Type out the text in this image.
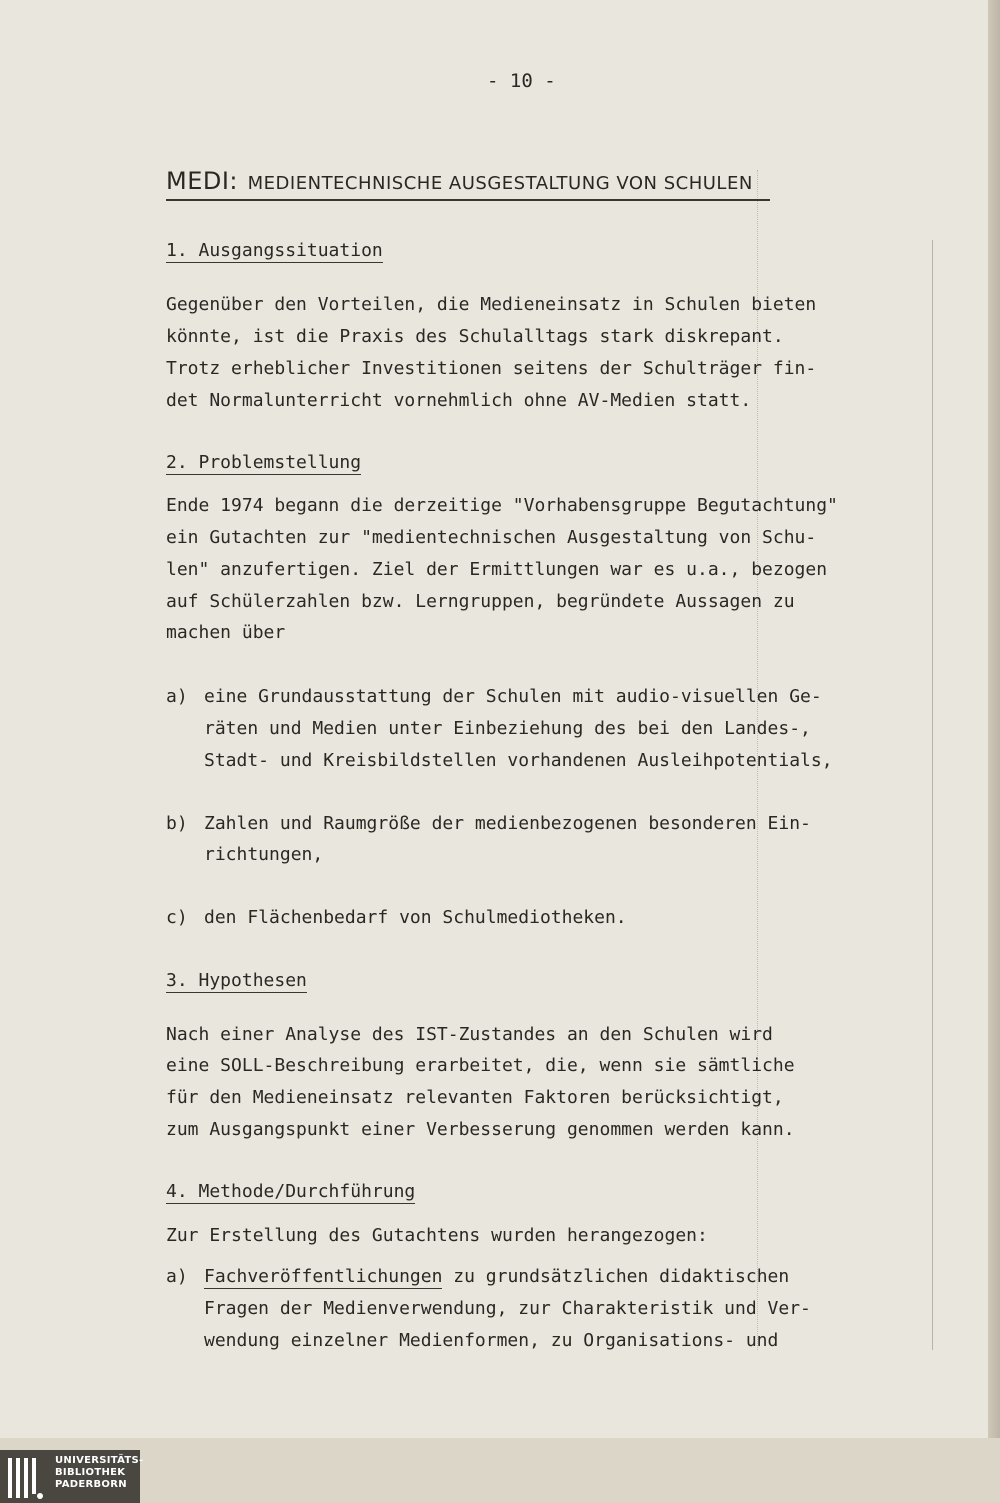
- 10 -
MEDI: MEDIENTECHNISCHE AUSGESTALTUNG VON SCHULEN
1. Ausgangssituation
Gegenüber den Vorteilen, die Medieneinsatz in Schulen bieten
könnte, ist die Praxis des Schulalltags stark diskrepant.
Trotz erheblicher Investitionen seitens der Schulträger fin-
det Normalunterricht vornehmlich ohne AV-Medien statt.
2. Problemstellung
Ende 1974 begann die derzeitige "Vorhabensgruppe Begutachtung"
ein Gutachten zur "medientechnischen Ausgestaltung von Schu-
len" anzufertigen. Ziel der Ermittlungen war es u.a., bezogen
auf Schülerzahlen bzw. Lerngruppen, begründete Aussagen zu
machen über
a) eine Grundausstattung der Schulen mit audio-visuellen Ge-
räten und Medien unter Einbeziehung des bei den Landes-,
Stadt- und Kreisbildstellen vorhandenen Ausleihpotentials,
b) Zahlen und Raumgröße der medienbezogenen besonderen Ein-
richtungen,
c) den Flächenbedarf von Schulmediotheken.
3. Hypothesen
Nach einer Analyse des IST-Zustandes an den Schulen wird
eine SOLL-Beschreibung erarbeitet, die, wenn sie sämtliche
für den Medieneinsatz relevanten Faktoren berücksichtigt,
zum Ausgangspunkt einer Verbesserung genommen werden kann.
4. Methode/Durchführung
Zur Erstellung des Gutachtens wurden herangezogen:
a) Fachveröffentlichungen zu grundsätzlichen didaktischen
Fragen der Medienverwendung, zur Charakteristik und Ver-
wendung einzelner Medienformen, zu Organisations- und
UNIVERSITÄTS-
BIBLIOTHEK
PADERBORN
